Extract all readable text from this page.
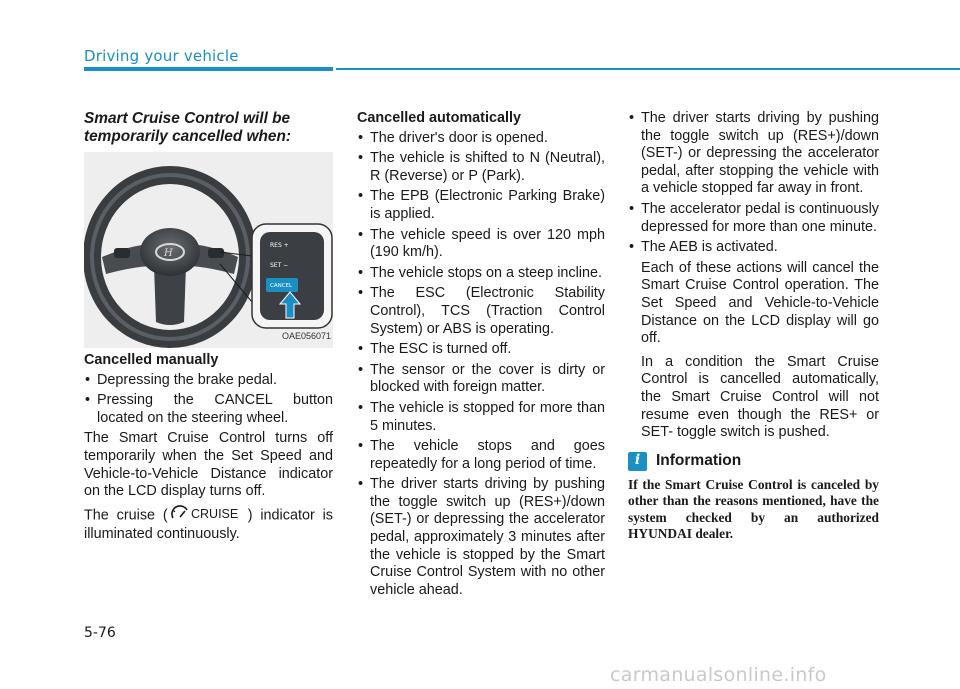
Driving your vehicle
Smart Cruise Control will be temporarily cancelled when:
H
RES +
SET −
CANCEL
OAE056071
Cancelled manually
• Depressing the brake pedal.
• Pressing the CANCEL button located on the steering wheel.

The Smart Cruise Control turns off temporarily when the Set Speed and Vehicle-to-Vehicle Distance indicator on the LCD display turns off.

The cruise ( CRUISE ) indicator is illuminated continuously.

Cancelled automatically
• The driver's door is opened.
• The vehicle is shifted to N (Neutral), R (Reverse) or P (Park).
• The EPB (Electronic Parking Brake) is applied.
• The vehicle speed is over 120 mph (190 km/h).
• The vehicle stops on a steep incline.
• The ESC (Electronic Stability Control), TCS (Traction Control System) or ABS is operating.
• The ESC is turned off.
• The sensor or the cover is dirty or blocked with foreign matter.
• The vehicle is stopped for more than 5 minutes.
• The vehicle stops and goes repeatedly for a long period of time.
• The driver starts driving by pushing the toggle switch up (RES+)/down (SET-) or depressing the accelerator pedal, approximately 3 minutes after the vehicle is stopped by the Smart Cruise Control System with no other vehicle ahead.
• The driver starts driving by pushing the toggle switch up (RES+)/down (SET-) or depressing the accelerator pedal, after stopping the vehicle with a vehicle stopped far away in front.
• The accelerator pedal is continuously depressed for more than one minute.
• The AEB is activated.

Each of these actions will cancel the Smart Cruise Control operation. The Set Speed and Vehicle-to-Vehicle Distance on the LCD display will go off.

In a condition the Smart Cruise Control is cancelled automatically, the Smart Cruise Control will not resume even though the RES+ or SET- toggle switch is pushed.

i	Information

If the Smart Cruise Control is canceled by other than the reasons mentioned, have the system checked by an authorized HYUNDAI dealer.

5-76
carmanualsonline.info
